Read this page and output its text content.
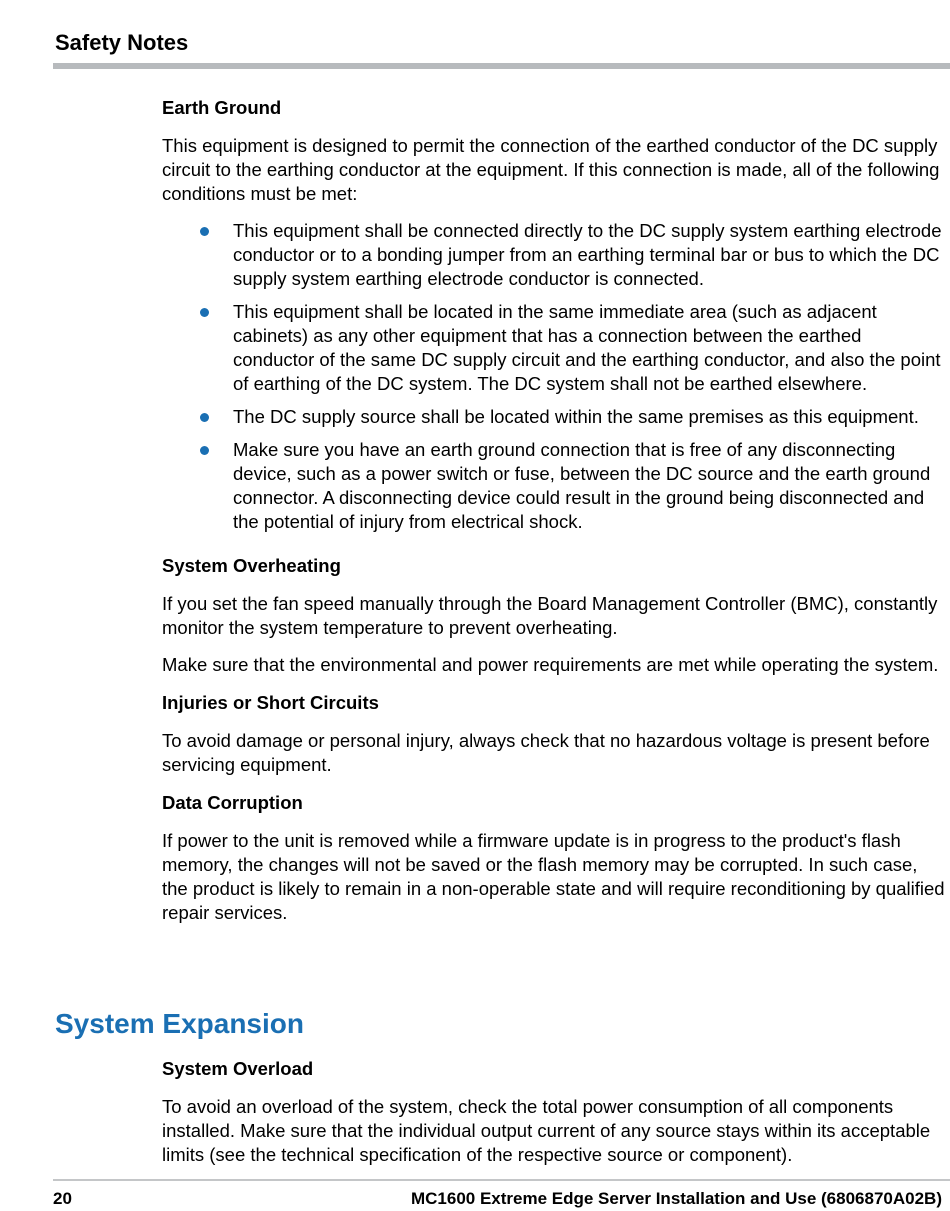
Safety Notes
Earth Ground

This equipment is designed to permit the connection of the earthed conductor of the DC supply circuit to the earthing conductor at the equipment. If this connection is made, all of the following conditions must be met:

This equipment shall be connected directly to the DC supply system earthing electrode conductor or to a bonding jumper from an earthing terminal bar or bus to which the DC supply system earthing electrode conductor is connected.
This equipment shall be located in the same immediate area (such as adjacent cabinets) as any other equipment that has a connection between the earthed conductor of the same DC supply circuit and the earthing conductor, and also the point of earthing of the DC system. The DC system shall not be earthed elsewhere.
The DC supply source shall be located within the same premises as this equipment.
Make sure you have an earth ground connection that is free of any disconnecting device, such as a power switch or fuse, between the DC source and the earth ground connector. A disconnecting device could result in the ground being disconnected and the potential of injury from electrical shock.
System Overheating

If you set the fan speed manually through the Board Management Controller (BMC), constantly monitor the system temperature to prevent overheating.

Make sure that the environmental and power requirements are met while operating the system.

Injuries or Short Circuits

To avoid damage or personal injury, always check that no hazardous voltage is present before servicing equipment.

Data Corruption

If power to the unit is removed while a firmware update is in progress to the product's flash memory, the changes will not be saved or the flash memory may be corrupted. In such case, the product is likely to remain in a non-operable state and will require reconditioning by qualified repair services.

System Expansion
System Overload

To avoid an overload of the system, check the total power consumption of all components installed. Make sure that the individual output current of any source stays within its acceptable limits (see the technical specification of the respective source or component).

20	MC1600 Extreme Edge Server Installation and Use (6806870A02B)
